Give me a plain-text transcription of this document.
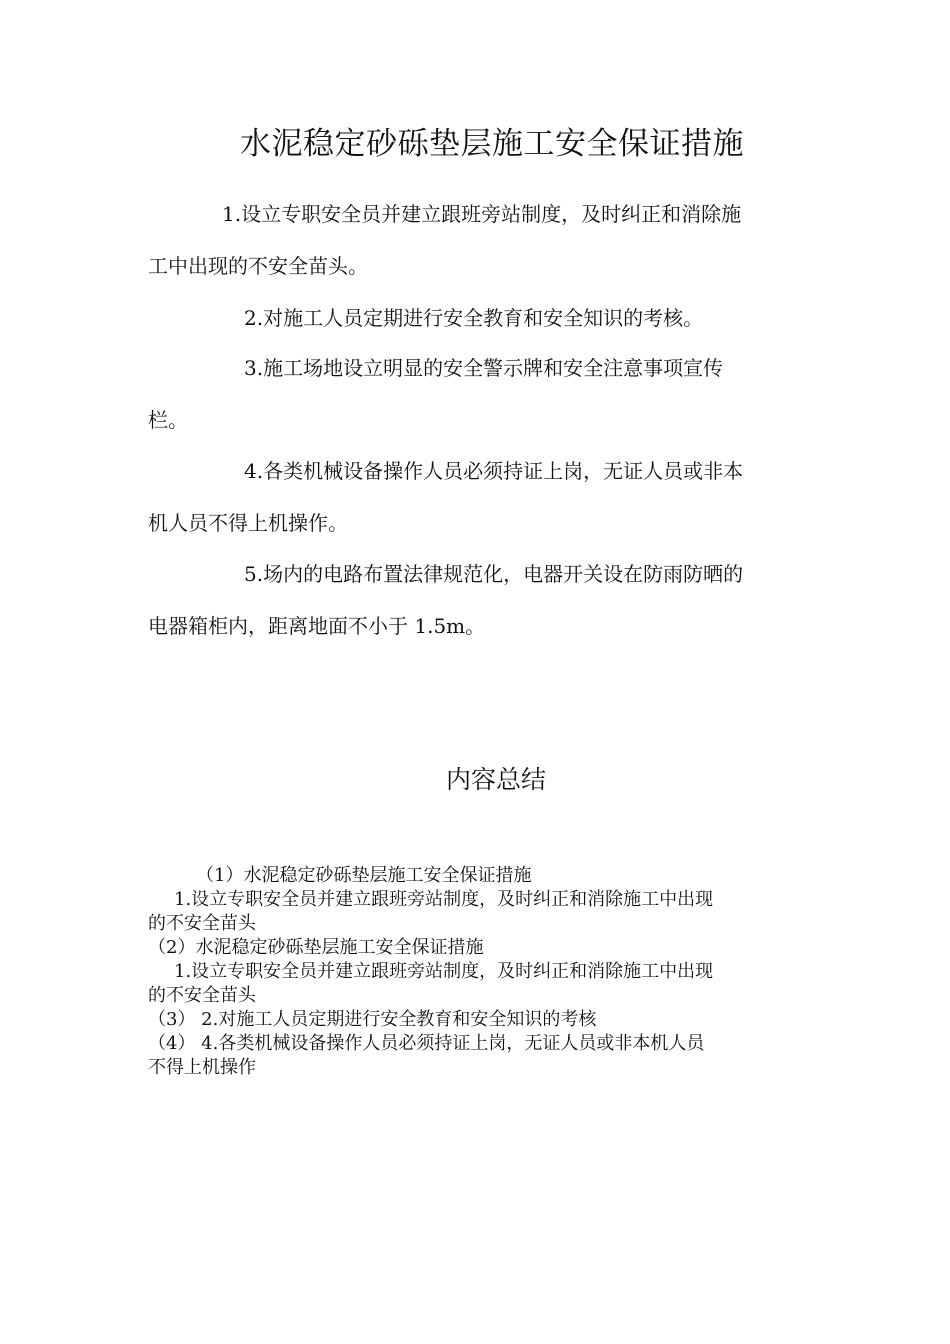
水泥稳定砂砾垫层施工安全保证措施
1.设立专职安全员并建立跟班旁站制度，及时纠正和消除施
工中出现的不安全苗头。
2.对施工人员定期进行安全教育和安全知识的考核。
3.施工场地设立明显的安全警示牌和安全注意事项宣传
栏。
4.各类机械设备操作人员必须持证上岗，无证人员或非本
机人员不得上机操作。
5.场内的电路布置法律规范化，电器开关设在防雨防晒的
电器箱柜内，距离地面不小于 1.5m。
内容总结
（1）水泥稳定砂砾垫层施工安全保证措施
1.设立专职安全员并建立跟班旁站制度，及时纠正和消除施工中出现
的不安全苗头
（2）水泥稳定砂砾垫层施工安全保证措施
1.设立专职安全员并建立跟班旁站制度，及时纠正和消除施工中出现
的不安全苗头
（3） 2.对施工人员定期进行安全教育和安全知识的考核
（4） 4.各类机械设备操作人员必须持证上岗，无证人员或非本机人员
不得上机操作
